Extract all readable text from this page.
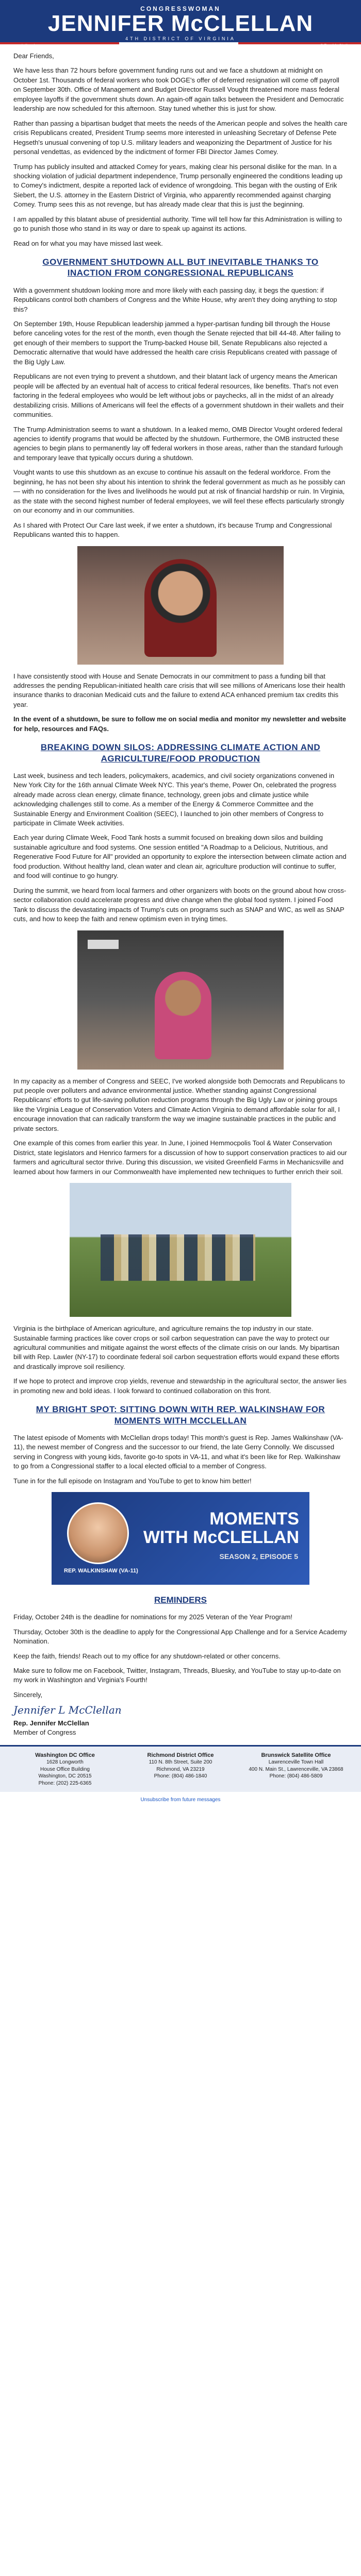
CONGRESSWOMAN
JENNIFER McCLELLAN
4TH DISTRICT OF VIRGINIA
● mcclellan.house.gov	●●● @RepMcClellan

Dear Friends,

We have less than 72 hours before government funding runs out and we face a shutdown at midnight on October 1st. Thousands of federal workers who took DOGE's offer of deferred resignation will come off payroll on September 30th. Office of Management and Budget Director Russell Vought threatened more mass federal employee layoffs if the government shuts down. An again-off again talks between the President and Democratic leadership are now scheduled for this afternoon. Stay tuned whether this is just for show.

Rather than passing a bipartisan budget that meets the needs of the American people and solves the health care crisis Republicans created, President Trump seems more interested in unleashing Secretary of Defense Pete Hegseth's unusual convening of top U.S. military leaders and weaponizing the Department of Justice for his personal vendettas, as evidenced by the indictment of former FBI Director James Comey.

Trump has publicly insulted and attacked Comey for years, making clear his personal dislike for the man. In a shocking violation of judicial department independence, Trump personally engineered the conditions leading up to Comey's indictment, despite a reported lack of evidence of wrongdoing. This began with the ousting of Erik Siebert, the U.S. attorney in the Eastern District of Virginia, who apparently recommended against charging Comey. Trump sees this as not revenge, but has already made clear that this is just the beginning.

I am appalled by this blatant abuse of presidential authority. Time will tell how far this Administration is willing to go to punish those who stand in its way or dare to speak up against its actions.

Read on for what you may have missed last week.

GOVERNMENT SHUTDOWN ALL BUT INEVITABLE THANKS TO INACTION FROM CONGRESSIONAL REPUBLICANS

With a government shutdown looking more and more likely with each passing day, it begs the question: if Republicans control both chambers of Congress and the White House, why aren't they doing anything to stop this?

On September 19th, House Republican leadership jammed a hyper-partisan funding bill through the House before canceling votes for the rest of the month, even though the Senate rejected that bill 44-48. After failing to get enough of their members to support the Trump-backed House bill, Senate Republicans also rejected a Democratic alternative that would have addressed the health care crisis Republicans created with passage of the Big Ugly Law.

Republicans are not even trying to prevent a shutdown, and their blatant lack of urgency means the American people will be affected by an eventual halt of access to critical federal resources, like benefits. That's not even factoring in the federal employees who would be left without jobs or paychecks, all in the midst of an already destabilizing crisis. Millions of Americans will feel the effects of a government shutdown in their wallets and their communities.

The Trump Administration seems to want a shutdown. In a leaked memo, OMB Director Vought ordered federal agencies to identify programs that would be affected by the shutdown. Furthermore, the OMB instructed these agencies to begin plans to permanently lay off federal workers in those areas, rather than the standard furlough and temporary leave that typically occurs during a shutdown.

Vought wants to use this shutdown as an excuse to continue his assault on the federal workforce. From the beginning, he has not been shy about his intention to shrink the federal government as much as he possibly can — with no consideration for the lives and livelihoods he would put at risk of financial hardship or ruin. In Virginia, as the state with the second highest number of federal employees, we will feel these effects particularly strongly on our economy and in our communities.

As I shared with Protect Our Care last week, if we enter a shutdown, it's because Trump and Congressional Republicans wanted this to happen.

I have consistently stood with House and Senate Democrats in our commitment to pass a funding bill that addresses the pending Republican-initiated health care crisis that will see millions of Americans lose their health insurance thanks to draconian Medicaid cuts and the failure to extend ACA enhanced premium tax credits this year.

In the event of a shutdown, be sure to follow me on social media and monitor my newsletter and website for help, resources and FAQs.

BREAKING DOWN SILOS: ADDRESSING CLIMATE ACTION AND AGRICULTURE/FOOD PRODUCTION

Last week, business and tech leaders, policymakers, academics, and civil society organizations convened in New York City for the 16th annual Climate Week NYC. This year's theme, Power On, celebrated the progress already made across clean energy, climate finance, technology, green jobs and climate justice while acknowledging challenges still to come. As a member of the Energy & Commerce Committee and the Sustainable Energy and Environment Coalition (SEEC), I launched to join other members of Congress to participate in Climate Week activities.

Each year during Climate Week, Food Tank hosts a summit focused on breaking down silos and building sustainable agriculture and food systems. One session entitled "A Roadmap to a Delicious, Nutritious, and Regenerative Food Future for All" provided an opportunity to explore the intersection between climate action and food production. Without healthy land, clean water and clean air, agriculture production will continue to suffer, and food will continue to go hungry.

During the summit, we heard from local farmers and other organizers with boots on the ground about how cross-sector collaboration could accelerate progress and drive change when the global food system. I joined Food Tank to discuss the devastating impacts of Trump's cuts on programs such as SNAP and WIC, as well as SNAP cuts, and how to keep the faith and renew optimism even in trying times.

In my capacity as a member of Congress and SEEC, I've worked alongside both Democrats and Republicans to put people over polluters and advance environmental justice. Whether standing against Congressional Republicans' efforts to gut life-saving pollution reduction programs through the Big Ugly Law or joining groups like the Virginia League of Conservation Voters and Climate Action Virginia to demand affordable solar for all, I encourage innovation that can radically transform the way we imagine sustainable practices in the public and private sectors.

One example of this comes from earlier this year. In June, I joined Hemmocpolis Tool & Water Conservation District, state legislators and Henrico farmers for a discussion of how to support conservation practices to aid our farmers and agricultural sector thrive. During this discussion, we visited Greenfield Farms in Mechanicsville and learned about how farmers in our Commonwealth have implemented new techniques to further enrich their soil.

Virginia is the birthplace of American agriculture, and agriculture remains the top industry in our state. Sustainable farming practices like cover crops or soil carbon sequestration can pave the way to protect our agricultural communities and mitigate against the worst effects of the climate crisis on our lands. My bipartisan bill with Rep. Lawler (NY-17) to coordinate federal soil carbon sequestration efforts would expand these efforts and drastically improve soil resiliency.

If we hope to protect and improve crop yields, revenue and stewardship in the agricultural sector, the answer lies in promoting new and bold ideas. I look forward to continued collaboration on this front.

MY BRIGHT SPOT: SITTING DOWN WITH REP. WALKINSHAW FOR MOMENTS WITH MCCLELLAN

The latest episode of Moments with McClellan drops today! This month's guest is Rep. James Walkinshaw (VA-11), the newest member of Congress and the successor to our friend, the late Gerry Connolly. We discussed serving in Congress with young kids, favorite go-to spots in VA-11, and what it's been like for Rep. Walkinshaw to go from a Congressional staffer to a local elected official to a member of Congress.

Tune in for the full episode on Instagram and YouTube to get to know him better!

MOMENTS
WITH McCLELLAN
SEASON 2, EPISODE 5
REP. WALKINSHAW (VA-11)
REMINDERS

Friday, October 24th is the deadline for nominations for my 2025 Veteran of the Year Program!

Thursday, October 30th is the deadline to apply for the Congressional App Challenge and for a Service Academy Nomination.

Keep the faith, friends! Reach out to my office for any shutdown-related or other concerns.

Make sure to follow me on Facebook, Twitter, Instagram, Threads, Bluesky, and YouTube to stay up-to-date on my work in Washington and Virginia's Fourth!

Sincerely,
Jennifer L McClellan
Rep. Jennifer McClellan
Member of Congress
Washington DC Office
1628 Longworth
House Office Building
Washington, DC 20515
Phone: (202) 225-6365
Richmond District Office
110 N. 8th Street, Suite 200
Richmond, VA 23219
Phone: (804) 486-1840
Brunswick Satellite Office
Lawrenceville Town Hall
400 N. Main St., Lawrenceville, VA 23868
Phone: (804) 486-5809
Unsubscribe from future messages
